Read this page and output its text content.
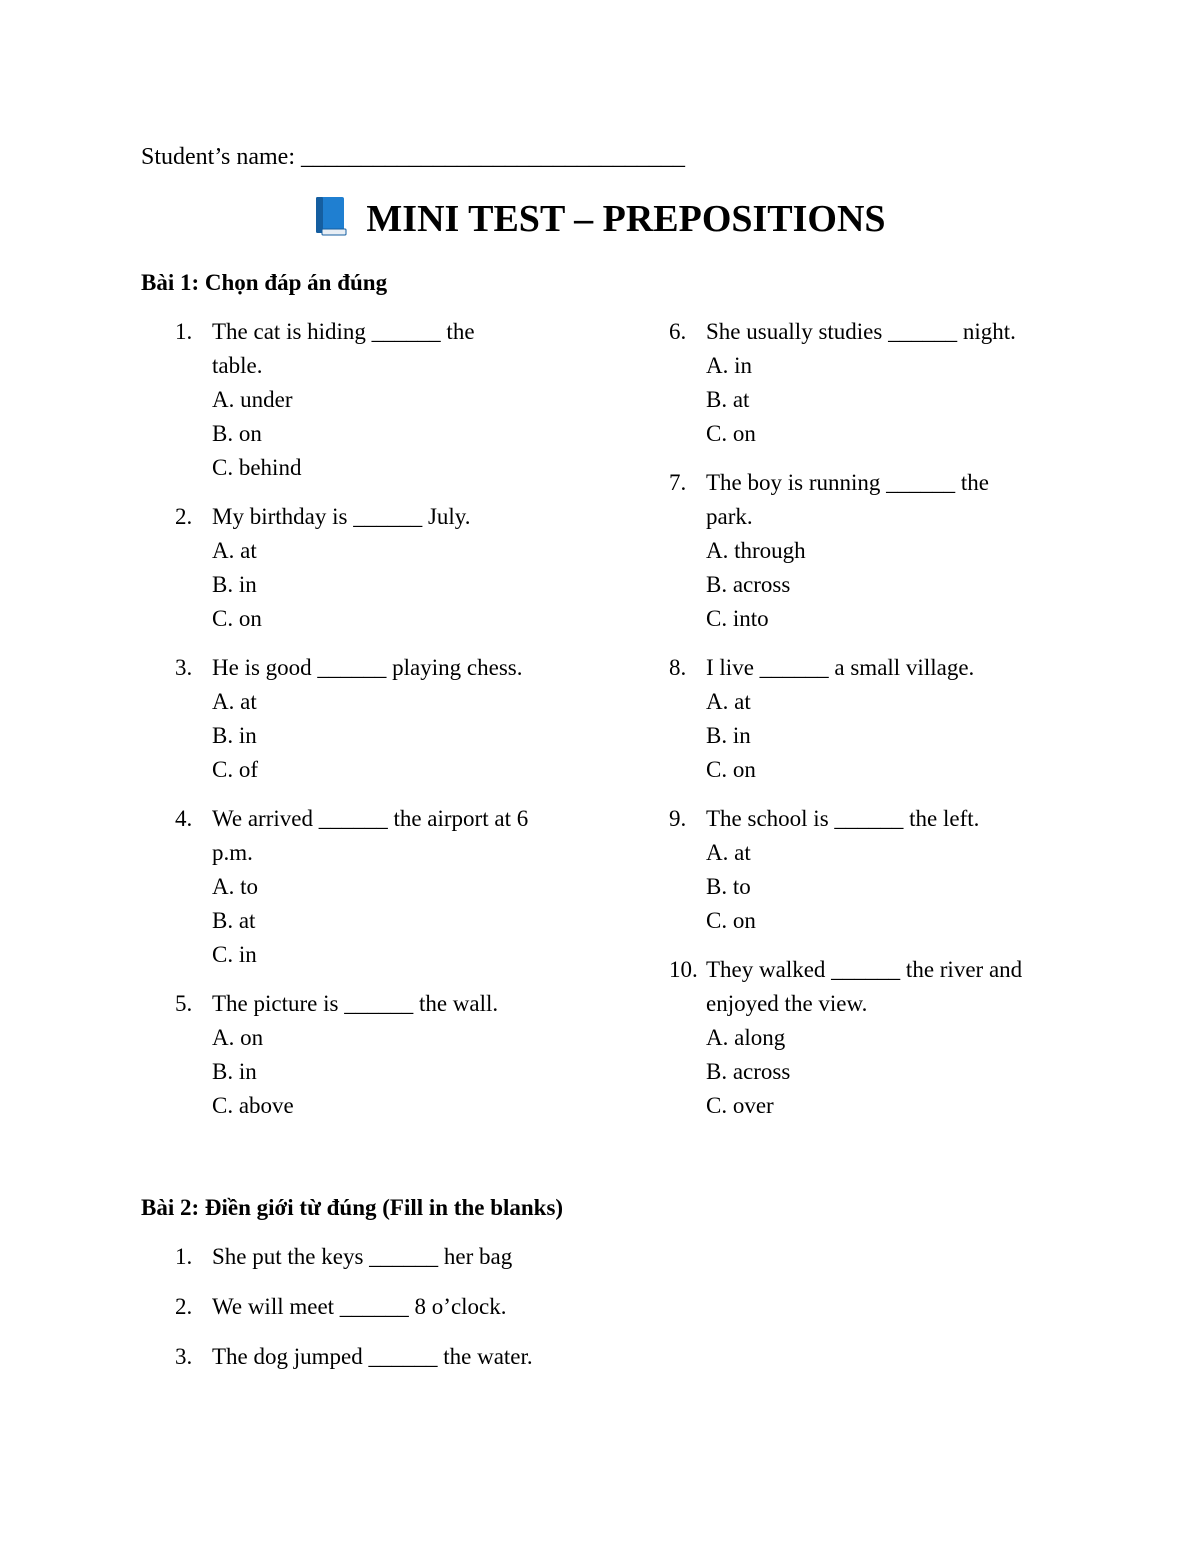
Student’s name: ________________________________
MINI TEST – PREPOSITIONS
Bài 1: Chọn đáp án đúng
1. The cat is hiding ______ the table.
A. under
B. on
C. behind
2. My birthday is ______ July.
A. at
B. in
C. on
3. He is good ______ playing chess.
A. at
B. in
C. of
4. We arrived ______ the airport at 6 p.m.
A. to
B. at
C. in
5. The picture is ______ the wall.
A. on
B. in
C. above
6. She usually studies ______ night.
A. in
B. at
C. on
7. The boy is running ______ the park.
A. through
B. across
C. into
8. I live ______ a small village.
A. at
B. in
C. on
9. The school is ______ the left.
A. at
B. to
C. on
10. They walked ______ the river and enjoyed the view.
A. along
B. across
C. over
Bài 2: Điền giới từ đúng (Fill in the blanks)
1. She put the keys ______ her bag
2. We will meet ______ 8 o’clock.
3. The dog jumped ______ the water.
